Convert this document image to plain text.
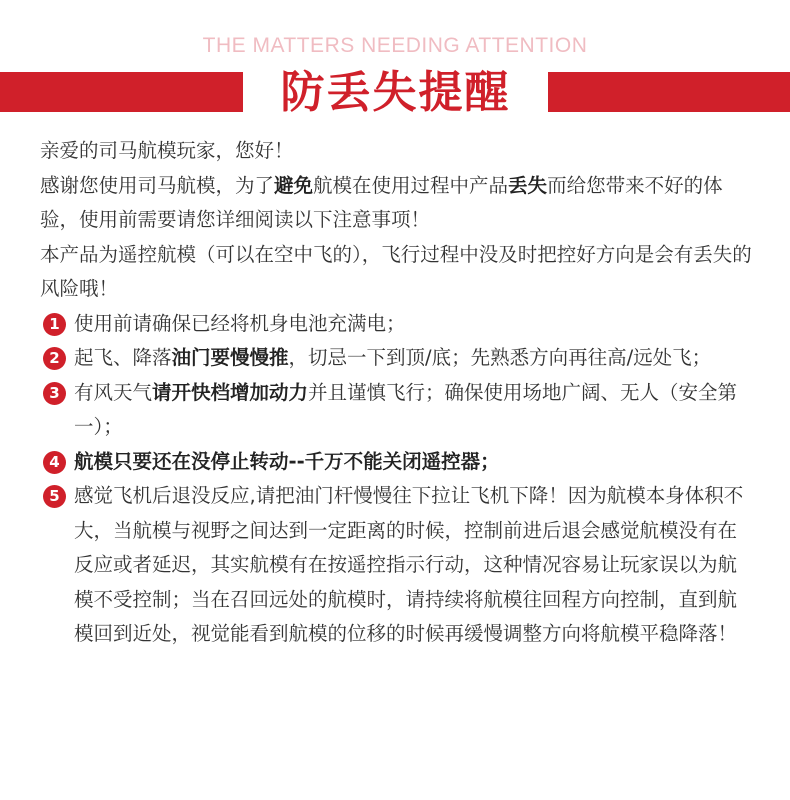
THE MATTERS NEEDING ATTENTION
防丢失提醒

亲爱的司马航模玩家，您好！

感谢您使用司马航模，为了避免航模在使用过程中产品丢失而给您带来不好的体验，使用前需要请您详细阅读以下注意事项！

本产品为遥控航模（可以在空中飞的），飞行过程中没及时把控好方向是会有丢失的风险哦！

1 使用前请确保已经将机身电池充满电；
2 起飞、降落油门要慢慢推，切忌一下到顶/底；先熟悉方向再往高/远处飞；
3 有风天气请开快档增加动力并且谨慎飞行；确保使用场地广阔、无人（安全第一）；
4 航模只要还在没停止转动--千万不能关闭遥控器；
5 感觉飞机后退没反应,请把油门杆慢慢往下拉让飞机下降！因为航模本身体积不大，当航模与视野之间达到一定距离的时候，控制前进后退会感觉航模没有在反应或者延迟，其实航模有在按遥控指示行动，这种情况容易让玩家误以为航模不受控制；当在召回远处的航模时，请持续将航模往回程方向控制，直到航模回到近处，视觉能看到航模的位移的时候再缓慢调整方向将航模平稳降落！
